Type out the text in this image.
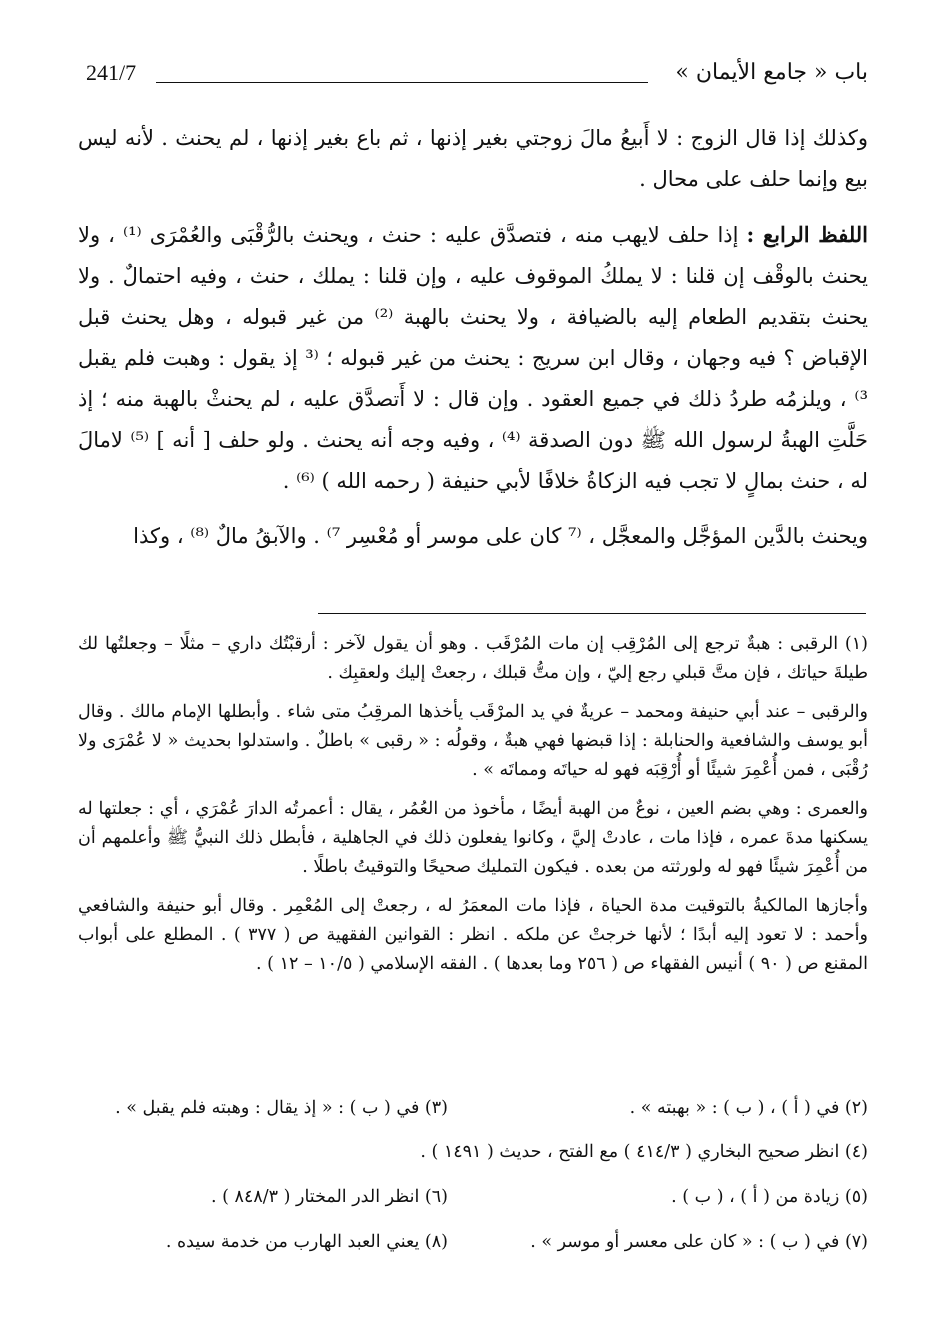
241/7	باب « جامع الأيمان »

وكذلك إذا قال الزوج : لا أَبيعُ مالَ زوجتي بغير إذنها ، ثم باع بغير إذنها ، لم يحنث . لأنه ليس بيع وإنما حلف على محال .

اللفظ الرابع : إذا حلف لايهب منه ، فتصدَّق عليه : حنث ، ويحنث بالرُّقْبَى والعُمْرَى ⁽¹⁾ ، ولا يحنث بالوقْف إن قلنا : لا يملكُ الموقوف عليه ، وإن قلنا : يملك ، حنث ، وفيه احتمالٌ . ولا يحنث بتقديم الطعام إليه بالضيافة ، ولا يحنث بالهبة ⁽²⁾ من غير قبوله ، وهل يحنث قبل الإقباض ؟ فيه وجهان ، وقال ابن سريج : يحنث من غير قبوله ؛ ⁽³ إذ يقول : وهبت فلم يقبل ³⁾ ، ويلزمُه طردُ ذلك في جميع العقود . وإن قال : لا أَتصدَّق عليه ، لم يحنثْ بالهبة منه ؛ إذ حَلَّتِ الهبةُ لرسول الله ﷺ دون الصدقة ⁽⁴⁾ ، وفيه وجه أنه يحنث . ولو حلف [ أنه ] ⁽⁵⁾ لامالَ له ، حنث بمالٍ لا تجب فيه الزكاةُ خلافًا لأبي حنيفة ( رحمه الله ) ⁽⁶⁾ .

ويحنث بالدَّين المؤجَّل والمعجَّل ، ⁽⁷ كان على موسر أو مُعْسِر ⁷⁾ . والآبقُ مالٌ ⁽⁸⁾ ، وكذا

(١) الرقبى : هبةٌ ترجع إلى المُرْقِب إن مات المُرْقَب . وهو أن يقول لآخر : أرقبْتُك داري – مثلًا – وجعلتُها لك طيلةَ حياتك ، فإن متَّ قبلي رجع إليّ ، وإن متُّ قبلك ، رجعتْ إليك ولعقبِك .

والرقبى – عند أبي حنيفة ومحمد – عريةٌ في يد المرْقَب يأخذها المرقِبُ متى شاء . وأبطلها الإمام مالك . وقال أبو يوسف والشافعية والحنابلة : إذا قبضها فهي هبةٌ ، وقولُه : « رقبى » باطلٌ . واستدلوا بحديث « لا عُمْرَى ولا رُقْبَى ، فمن أُعْمِرَ شيئًا أو أُرْقِبَه فهو له حياتَه ومماتَه » .

والعمرى : وهي بضم العين ، نوعٌ من الهبة أيضًا ، مأخوذ من العُمُر ، يقال : أعمرتُه الدارَ عُمْرَي ، أي : جعلتها له يسكنها مدةَ عمره ، فإذا مات ، عادتْ إليَّ ، وكانوا يفعلون ذلك في الجاهلية ، فأبطل ذلك النبيُّ ﷺ وأعلمهم أن من أُعْمِرَ شيئًا فهو له ولورثته من بعده . فيكون التمليك صحيحًا والتوقيتُ باطلًا .

وأجازها المالكيةُ بالتوقيت مدة الحياة ، فإذا مات المعمَرُ له ، رجعتْ إلى المُعْمِر . وقال أبو حنيفة والشافعي وأحمد : لا تعود إليه أبدًا ؛ لأنها خرجتْ عن ملكه . انظر : القوانين الفقهية ص ( ٣٧٧ ) . المطلع على أبواب المقنع ص ( ٩٠ ) أنيس الفقهاء ص ( ٢٥٦ وما بعدها ) . الفقه الإسلامي ( ١٠/٥ – ١٢ ) .

(٢) في ( أ ) ، ( ب ) : « بهبته » .
(٣) في ( ب ) : « إذ يقال : وهبته فلم يقبل » .
(٤) انظر صحيح البخاري ( ٤١٤/٣ ) مع الفتح ، حديث ( ١٤٩١ ) .
(٥) زيادة من ( أ ) ، ( ب ) .
(٦) انظر الدر المختار ( ٨٤٨/٣ ) .
(٧) في ( ب ) : « كان على معسر أو موسر » .
(٨) يعني العبد الهارب من خدمة سيده .
